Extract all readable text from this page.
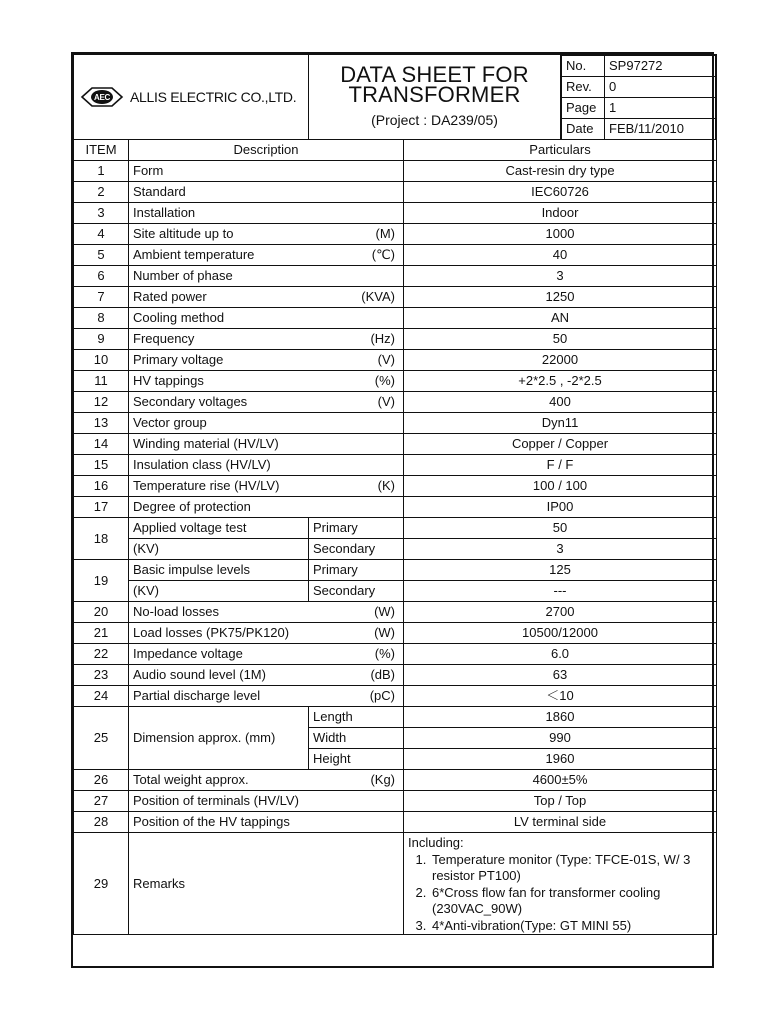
AEC ALLIS ELECTRIC CO.,LTD.

DATA SHEET FOR
TRANSFORMER
(Project : DA239/05)

No.	SP97272
Rev.	0
Page	1
Date	FEB/11/2010

ITEM	Description	Particulars
1	Form	Cast-resin dry type
2	Standard	IEC60726
3	Installation	Indoor
4	Site altitude up to	(M)	1000
5	Ambient temperature	(℃)	40
6	Number of phase	3
7	Rated power	(KVA)	1250
8	Cooling method	AN
9	Frequency	(Hz)	50
10	Primary voltage	(V)	22000
11	HV tappings	(%)	+2*2.5 , -2*2.5
12	Secondary voltages	(V)	400
13	Vector group	Dyn11
14	Winding material (HV/LV)	Copper / Copper
15	Insulation class (HV/LV)	F / F
16	Temperature rise (HV/LV)	(K)	100 / 100
17	Degree of protection	IP00
18	Applied voltage test	Primary	50
(KV)	Secondary	3
19	Basic impulse levels	Primary	125
(KV)	Secondary	---
20	No-load losses	(W)	2700
21	Load losses (PK75/PK120)	(W)	10500/12000
22	Impedance voltage	(%)	6.0
23	Audio sound level (1M)	(dB)	63
24	Partial discharge level	(pC)	＜10
25	Dimension approx. (mm)	Length	1860
Width	990
Height	1960
26	Total weight approx.	(Kg)	4600±5%
27	Position of terminals (HV/LV)	Top / Top
28	Position of the HV tappings	LV terminal side
29	Remarks	
Including:
1. Temperature monitor (Type: TFCE-01S, W/ 3 resistor PT100)
2. 6*Cross flow fan for transformer cooling (230VAC_90W)
3. 4*Anti-vibration(Type: GT MINI 55)
